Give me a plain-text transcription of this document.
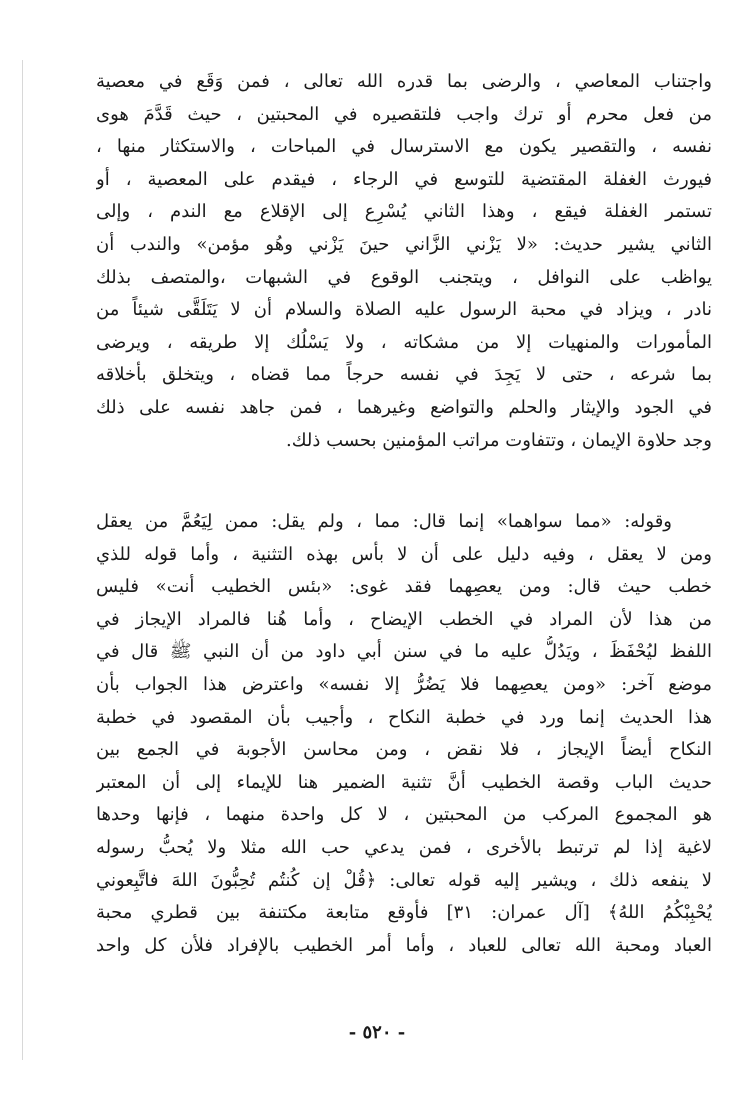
واجتناب المعاصي ، والرضى بما قدره الله تعالى ، فمن وَقَع في معصية
من فعل محرم أو ترك واجب فلتقصيره في المحبتين ، حيث قَدَّمَ هوى
نفسه ، والتقصير يكون مع الاسترسال في المباحات ، والاستكثار منها ،
فيورث الغفلة المقتضية للتوسع في الرجاء ، فيقدم على المعصية ، أو
تستمر الغفلة فيقع ، وهذا الثاني يُسْرِع إلى الإقلاع مع الندم ، وإلى
الثاني يشير حديث: «لا يَزْني الزَّاني حينَ يَزْني وهُو مؤمن» والندب أن
يواظب على النوافل ، ويتجنب الوقوع في الشبهات ،والمتصف بذلك
نادر ، ويزاد في محبة الرسول عليه الصلاة والسلام أن لا يَتَلَقَّى شيئاً من
المأمورات والمنهيات إلا من مشكاته ، ولا يَسْلُك إلا طريقه ، ويرضى
بما شرعه ، حتى لا يَجِدَ في نفسه حرجاً مما قضاه ، ويتخلق بأخلاقه
في الجود والإيثار والحلم والتواضع وغيرهما ، فمن جاهد نفسه على ذلك
وجد حلاوة الإيمان ، وتتفاوت مراتب المؤمنين بحسب ذلك.
وقوله: «مما سواهما» إنما قال: مما ، ولم يقل: ممن لِيَعُمَّ من يعقل
ومن لا يعقل ، وفيه دليل على أن لا بأس بهذه التثنية ، وأما قوله للذي
خطب حيث قال: ومن يعصِهما فقد غوى: «بئس الخطيب أنت» فليس
من هذا لأن المراد في الخطب الإيضاح ، وأما هُنا فالمراد الإيجاز في
اللفظ ليُحْفَظَ ، ويَدُلُّ عليه ما في سنن أبي داود من أن النبي ﷺ قال في
موضع آخر: «ومن يعصِهما فلا يَضُرُّ إلا نفسه» واعترض هذا الجواب بأن
هذا الحديث إنما ورد في خطبة النكاح ، وأجيب بأن المقصود في خطبة
النكاح أيضاً الإيجاز ، فلا نقض ، ومن محاسن الأجوبة في الجمع بين
حديث الباب وقصة الخطيب أنَّ تثنية الضمير هنا للإيماء إلى أن المعتبر
هو المجموع المركب من المحبتين ، لا كل واحدة منهما ، فإنها وحدها
لاغية إذا لم ترتبط بالأخرى ، فمن يدعي حب الله مثلا ولا يُحبُّ رسوله
لا ينفعه ذلك ، ويشير إليه قوله تعالى: ﴿قُلْ إن كُنتُم تُحِبُّونَ اللهَ فاتَّبِعوني
يُحْبِبْكُمُ اللهُ﴾ [آل عمران: ٣١] فأوقع متابعة مكتنفة بين قطري محبة
العباد ومحبة الله تعالى للعباد ، وأما أمر الخطيب بالإفراد فلأن كل واحد
- ٥٢٠ -
